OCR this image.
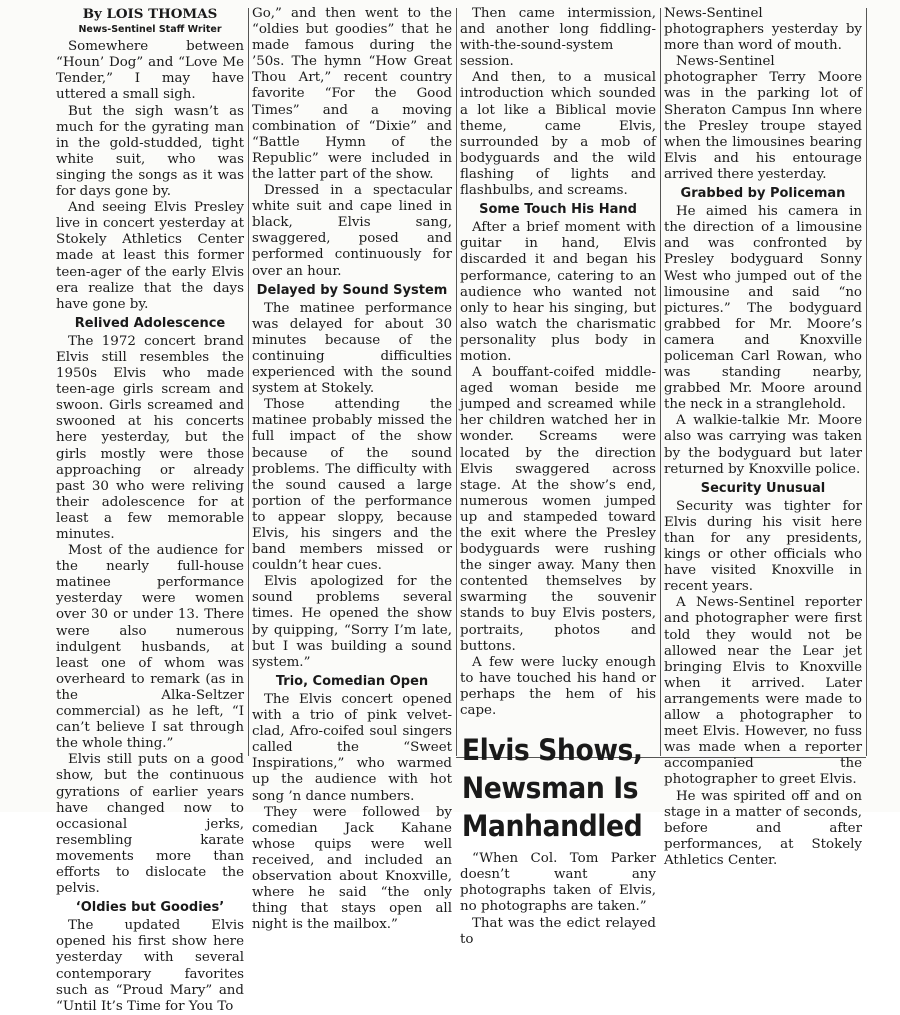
By LOIS THOMAS
News-Sentinel Staff Writer

Somewhere between “Houn’ Dog” and “Love Me Tender,” I may have uttered a small sigh.

But the sigh wasn’t as much for the gyrating man in the gold-studded, tight white suit, who was singing the songs as it was for days gone by.

And seeing Elvis Presley live in concert yesterday at Stokely Athletics Center made at least this former teen-ager of the early Elvis era realize that the days have gone by.

Relived Adolescence

The 1972 concert brand Elvis still resembles the 1950s Elvis who made teen-age girls scream and swoon. Girls screamed and swooned at his concerts here yesterday, but the girls mostly were those approaching or already past 30 who were reliving their adolescence for at least a few memorable minutes.

Most of the audience for the nearly full-house matinee performance yesterday were women over 30 or under 13. There were also numerous indulgent husbands, at least one of whom was overheard to remark (as in the Alka-Seltzer commercial) as he left, “I can’t believe I sat through the whole thing.”

Elvis still puts on a good show, but the continuous gyrations of earlier years have changed now to occasional jerks, resembling karate movements more than efforts to dislocate the pelvis.

‘Oldies but Goodies’

The updated Elvis opened his first show here yesterday with several contemporary favorites such as “Proud Mary” and “Until It’s Time for You To

Go,” and then went to the “oldies but goodies” that he made famous during the ’50s. The hymn “How Great Thou Art,” recent country favorite “For the Good Times” and a moving combination of “Dixie” and “Battle Hymn of the Republic” were included in the latter part of the show.

Dressed in a spectacular white suit and cape lined in black, Elvis sang, swaggered, posed and performed continuously for over an hour.

Delayed by Sound System

The matinee performance was delayed for about 30 minutes because of the continuing difficulties experienced with the sound system at Stokely.

Those attending the matinee probably missed the full impact of the show because of the sound problems. The difficulty with the sound caused a large portion of the performance to appear sloppy, because Elvis, his singers and the band members missed or couldn’t hear cues.

Elvis apologized for the sound problems several times. He opened the show by quipping, “Sorry I’m late, but I was building a sound system.”

Trio, Comedian Open

The Elvis concert opened with a trio of pink velvet-clad, Afro-coifed soul singers called the “Sweet Inspirations,” who warmed up the audience with hot song ’n dance numbers.

They were followed by comedian Jack Kahane whose quips were well received, and included an observation about Knoxville, where he said “the only thing that stays open all night is the mailbox.”

Then came intermission, and another long fiddling-with-the-sound-system session.

And then, to a musical introduction which sounded a lot like a Biblical movie theme, came Elvis, surrounded by a mob of bodyguards and the wild flashing of lights and flashbulbs, and screams.

Some Touch His Hand

After a brief moment with guitar in hand, Elvis discarded it and began his performance, catering to an audience who wanted not only to hear his singing, but also watch the charismatic personality plus body in motion.

A bouffant-coifed middle-aged woman beside me jumped and screamed while her children watched her in wonder. Screams were located by the direction Elvis swaggered across stage. At the show’s end, numerous women jumped up and stampeded toward the exit where the Presley bodyguards were rushing the singer away. Many then contented themselves by swarming the souvenir stands to buy Elvis posters, portraits, photos and buttons.

A few were lucky enough to have touched his hand or perhaps the hem of his cape.

Elvis Shows,
Newsman Is
Manhandled

“When Col. Tom Parker doesn’t want any photographs taken of Elvis, no photographs are taken.”

That was the edict relayed to

News-Sentinel photographers yesterday by more than word of mouth.

News-Sentinel photographer Terry Moore was in the parking lot of Sheraton Campus Inn where the Presley troupe stayed when the limousines bearing Elvis and his entourage arrived there yesterday.

Grabbed by Policeman

He aimed his camera in the direction of a limousine and was confronted by Presley bodyguard Sonny West who jumped out of the limousine and said “no pictures.” The bodyguard grabbed for Mr. Moore’s camera and Knoxville policeman Carl Rowan, who was standing nearby, grabbed Mr. Moore around the neck in a stranglehold.

A walkie-talkie Mr. Moore also was carrying was taken by the bodyguard but later returned by Knoxville police.

Security Unusual

Security was tighter for Elvis during his visit here than for any presidents, kings or other officials who have visited Knoxville in recent years.

A News-Sentinel reporter and photographer were first told they would not be allowed near the Lear jet bringing Elvis to Knoxville when it arrived. Later arrangements were made to allow a photographer to meet Elvis. However, no fuss was made when a reporter accompanied the photographer to greet Elvis.

He was spirited off and on stage in a matter of seconds, before and after performances, at Stokely Athletics Center.
